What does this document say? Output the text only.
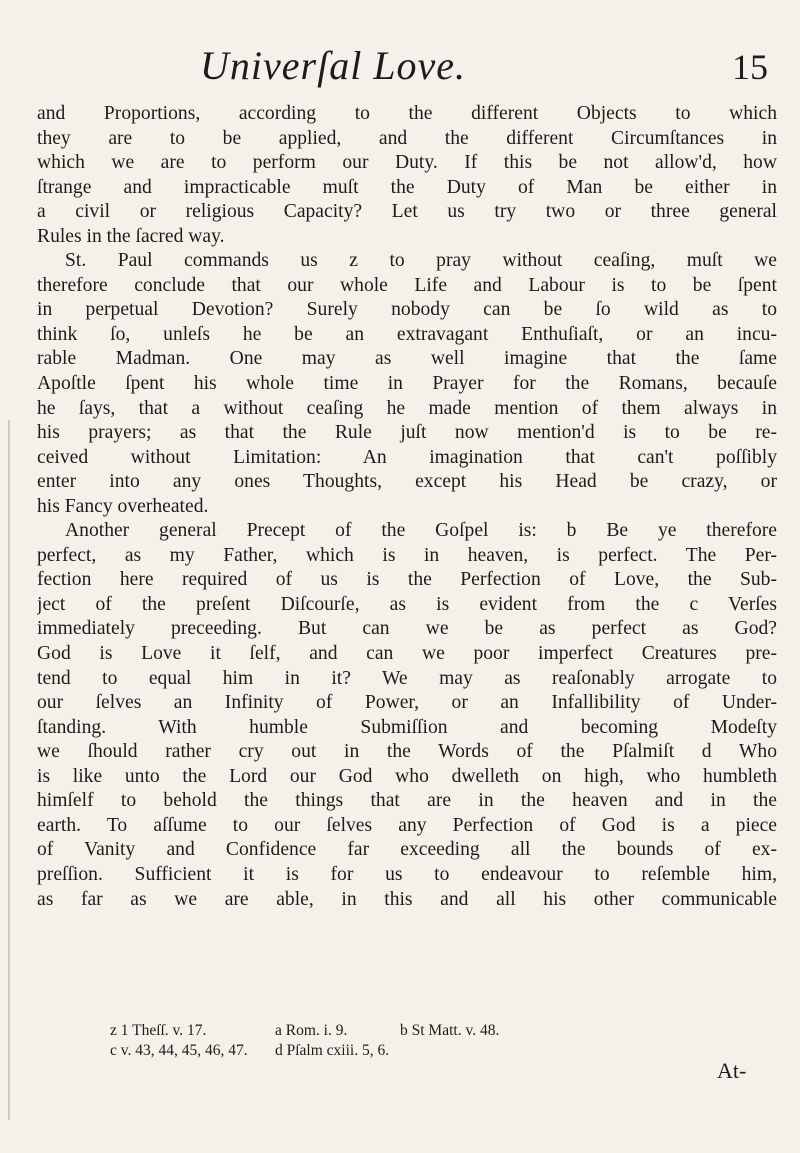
Univerſal Love.	15
and Proportions, according to the different Objects to which
they are to be applied, and the different Circumſtances in
which we are to perform our Duty. If this be not allow'd, how
ſtrange and impracticable muſt the Duty of Man be either in
a civil or religious Capacity? Let us try two or three general
Rules in the ſacred way.
St. Paul commands us z to pray without ceaſing, muſt we
therefore conclude that our whole Life and Labour is to be ſpent
in perpetual Devotion? Surely nobody can be ſo wild as to
think ſo, unleſs he be an extravagant Enthuſiaſt, or an incu-
rable Madman. One may as well imagine that the ſame
Apoſtle ſpent his whole time in Prayer for the Romans, becauſe
he ſays, that a without ceaſing he made mention of them always in
his prayers; as that the Rule juſt now mention'd is to be re-
ceived without Limitation: An imagination that can't poſſibly
enter into any ones Thoughts, except his Head be crazy, or
his Fancy overheated.
Another general Precept of the Goſpel is: b Be ye therefore
perfect, as my Father, which is in heaven, is perfect. The Per-
fection here required of us is the Perfection of Love, the Sub-
ject of the preſent Diſcourſe, as is evident from the c Verſes
immediately preceeding. But can we be as perfect as God?
God is Love it ſelf, and can we poor imperfect Creatures pre-
tend to equal him in it? We may as reaſonably arrogate to
our ſelves an Infinity of Power, or an Infallibility of Under-
ſtanding. With humble Submiſſion and becoming Modeſty
we ſhould rather cry out in the Words of the Pſalmiſt d Who
is like unto the Lord our God who dwelleth on high, who humbleth
himſelf to behold the things that are in the heaven and in the
earth. To aſſume to our ſelves any Perfection of God is a piece
of Vanity and Confidence far exceeding all the bounds of ex-
preſſion. Sufficient it is for us to endeavour to reſemble him,
as far as we are able, in this and all his other communicable
z 1 Theſſ. v. 17.	a Rom. i. 9.	b St Matt. v. 48.
c v. 43, 44, 45, 46, 47. d Pſalm cxiii. 5, 6.
At-
